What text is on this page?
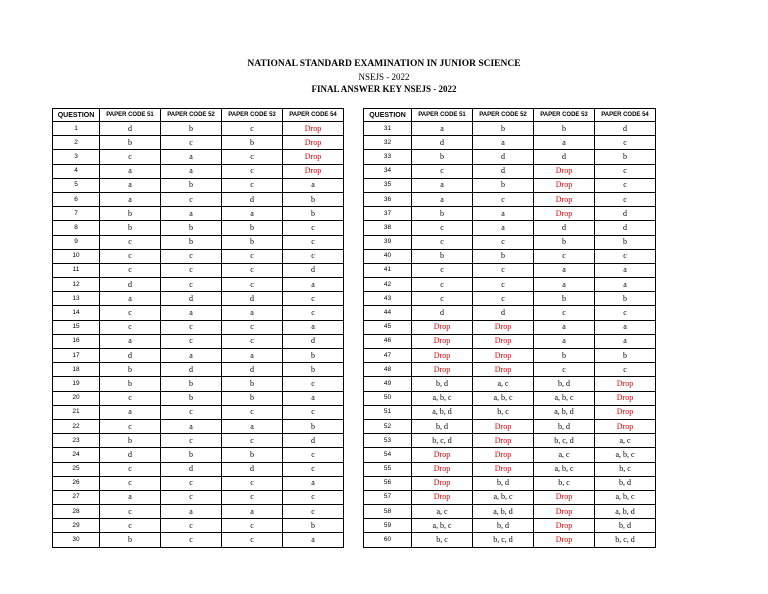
NATIONAL STANDARD EXAMINATION IN JUNIOR SCIENCE
NSEJS - 2022
FINAL ANSWER KEY NSEJS - 2022
QUESTION	PAPER CODE 51	PAPER CODE 52	PAPER CODE 53	PAPER CODE 54
1	d	b	c	Drop
2	b	c	b	Drop
3	c	a	c	Drop
4	a	a	c	Drop
5	a	b	c	a
6	a	c	d	b
7	b	a	a	b
8	b	b	b	c
9	c	b	b	c
10	c	c	c	c
11	c	c	c	d
12	d	c	c	a
13	a	d	d	c
14	c	a	a	c
15	c	c	c	a
16	a	c	c	d
17	d	a	a	b
18	b	d	d	b
19	b	b	b	c
20	c	b	b	a
21	a	c	c	c
22	c	a	a	b
23	b	c	c	d
24	d	b	b	c
25	c	d	d	c
26	c	c	c	a
27	a	c	c	c
28	c	a	a	c
29	c	c	c	b
30	b	c	c	a
QUESTION	PAPER CODE 51	PAPER CODE 52	PAPER CODE 53	PAPER CODE 54
31	a	b	b	d
32	d	a	a	c
33	b	d	d	b
34	c	d	Drop	c
35	a	b	Drop	c
36	a	c	Drop	c
37	b	a	Drop	d
38	c	a	d	d
39	c	c	b	b
40	b	b	c	c
41	c	c	a	a
42	c	c	a	a
43	c	c	b	b
44	d	d	c	c
45	Drop	Drop	a	a
46	Drop	Drop	a	a
47	Drop	Drop	b	b
48	Drop	Drop	c	c
49	b, d	a, c	b, d	Drop
50	a, b, c	a, b, c	a, b, c	Drop
51	a, b, d	b, c	a, b, d	Drop
52	b, d	Drop	b, d	Drop
53	b, c, d	Drop	b, c, d	a, c
54	Drop	Drop	a, c	a, b, c
55	Drop	Drop	a, b, c	b, c
56	Drop	b, d	b, c	b, d
57	Drop	a, b, c	Drop	a, b, c
58	a, c	a, b, d	Drop	a, b, d
59	a, b, c	b, d	Drop	b, d
60	b, c	b, c, d	Drop	b, c, d
